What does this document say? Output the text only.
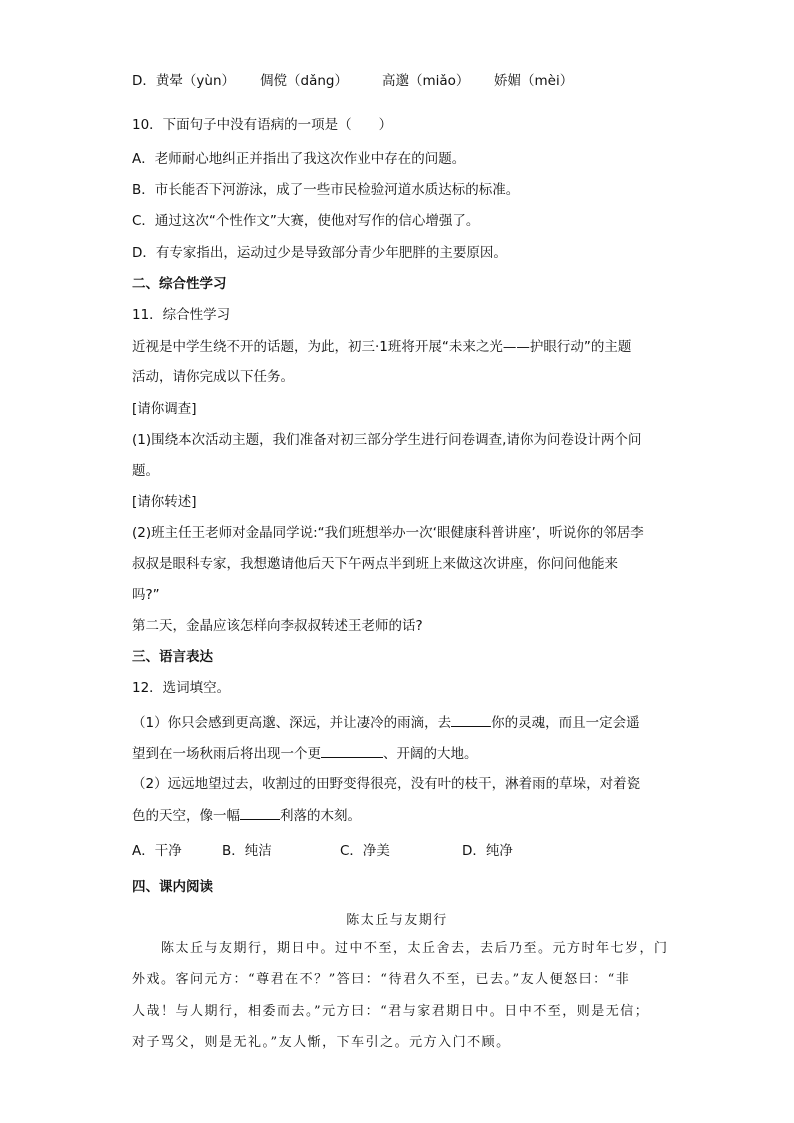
D．黄晕（yùn） 倜傥（dǎng）	高邈（miǎo） 娇媚（mèi）
10．下面句子中没有语病的一项是（　　）
A．老师耐心地纠正并指出了我这次作业中存在的问题。
B．市长能否下河游泳，成了一些市民检验河道水质达标的标准。
C．通过这次“个性作文”大赛，使他对写作的信心增强了。
D．有专家指出，运动过少是导致部分青少年肥胖的主要原因。
二、综合性学习
11．综合性学习
近视是中学生绕不开的话题，为此，初三·1班将开展“未来之光——护眼行动”的主题
活动，请你完成以下任务。
[请你调查]
(1)围绕本次活动主题，我们准备对初三部分学生进行问卷调查,请你为问卷设计两个问
题。
[请你转述]
(2)班主任王老师对金晶同学说:“我们班想举办一次‘眼健康科普讲座’，听说你的邻居李
叔叔是眼科专家，我想邀请他后天下午两点半到班上来做这次讲座，你问问他能来
吗?”
第二天，金晶应该怎样向李叔叔转述王老师的话?
三、语言表达
12．选词填空。
（1）你只会感到更高邈、深远，并让凄冷的雨滴，去	你的灵魂，而且一定会遥
望到在一场秋雨后将出现一个更	、开阔的大地。
（2）远远地望过去，收割过的田野变得很亮，没有叶的枝干，淋着雨的草垛，对着瓷
色的天空，像一幅	利落的木刻。
A．干净	B．纯洁	C．净美	D．纯净
四、课内阅读
陈太丘与友期行
　　陈太丘与友期行，期日中。过中不至，太丘舍去，去后乃至。元方时年七岁，门
外戏。客问元方：“尊君在不？”答曰：“待君久不至，已去。”友人便怒曰：“非
人哉！与人期行，相委而去。”元方曰：“君与家君期日中。日中不至，则是无信；
对子骂父，则是无礼。”友人惭，下车引之。元方入门不顾。
